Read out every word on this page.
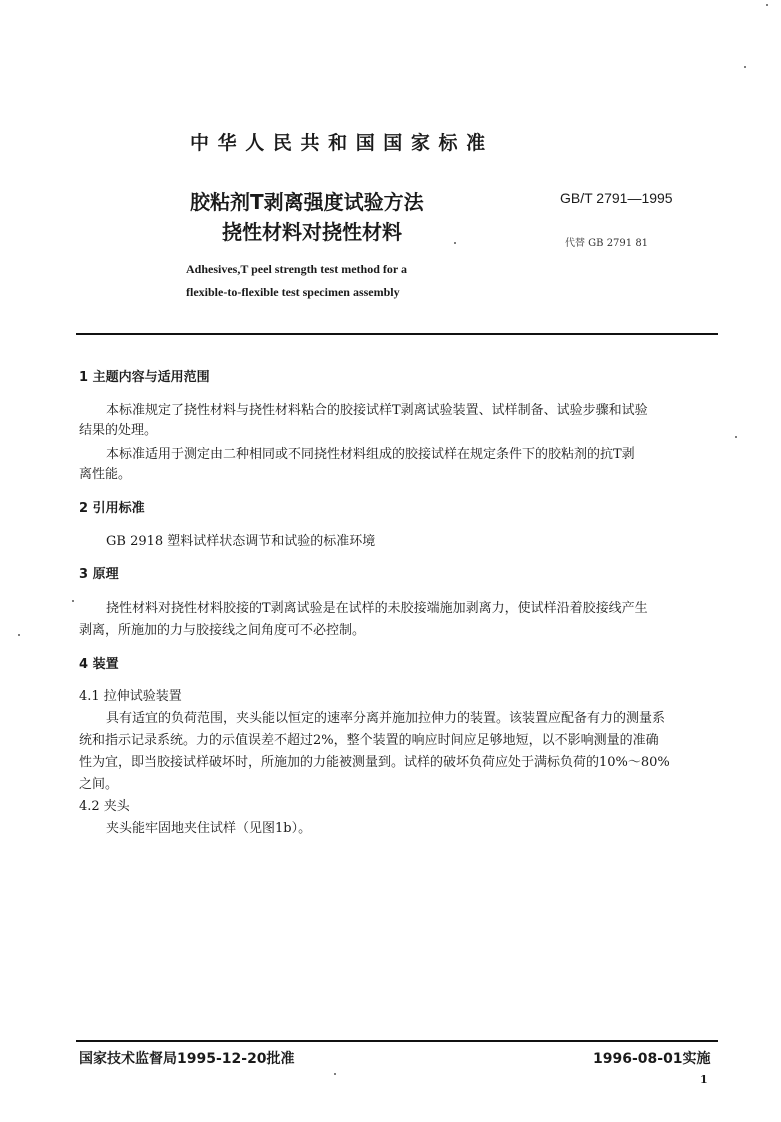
中 华 人 民 共 和 国 国 家 标 准
胶粘剂T剥离强度试验方法
挠性材料对挠性材料
GB/T 2791—1995
代替 GB 2791 81
Adhesives,T peel strength test method for a
flexible-to-flexible test specimen assembly
1 主题内容与适用范围
本标准规定了挠性材料与挠性材料粘合的胶接试样T剥离试验装置、试样制备、试验步骤和试验
结果的处理。
本标准适用于测定由二种相同或不同挠性材料组成的胶接试样在规定条件下的胶粘剂的抗T剥
离性能。
2 引用标准
GB 2918 塑料试样状态调节和试验的标准环境
3 原理
挠性材料对挠性材料胶接的T剥离试验是在试样的未胶接端施加剥离力，使试样沿着胶接线产生
剥离，所施加的力与胶接线之间角度可不必控制。
4 装置
4.1 拉伸试验装置
具有适宜的负荷范围，夹头能以恒定的速率分离并施加拉伸力的装置。该装置应配备有力的测量系
统和指示记录系统。力的示值误差不超过2%，整个装置的响应时间应足够地短，以不影响测量的准确
性为宜，即当胶接试样破坏时，所施加的力能被测量到。试样的破坏负荷应处于满标负荷的10%～80%
之间。
4.2 夹头
夹头能牢固地夹住试样（见图1b）。
国家技术监督局1995-12-20批准	1996-08-01实施
1
